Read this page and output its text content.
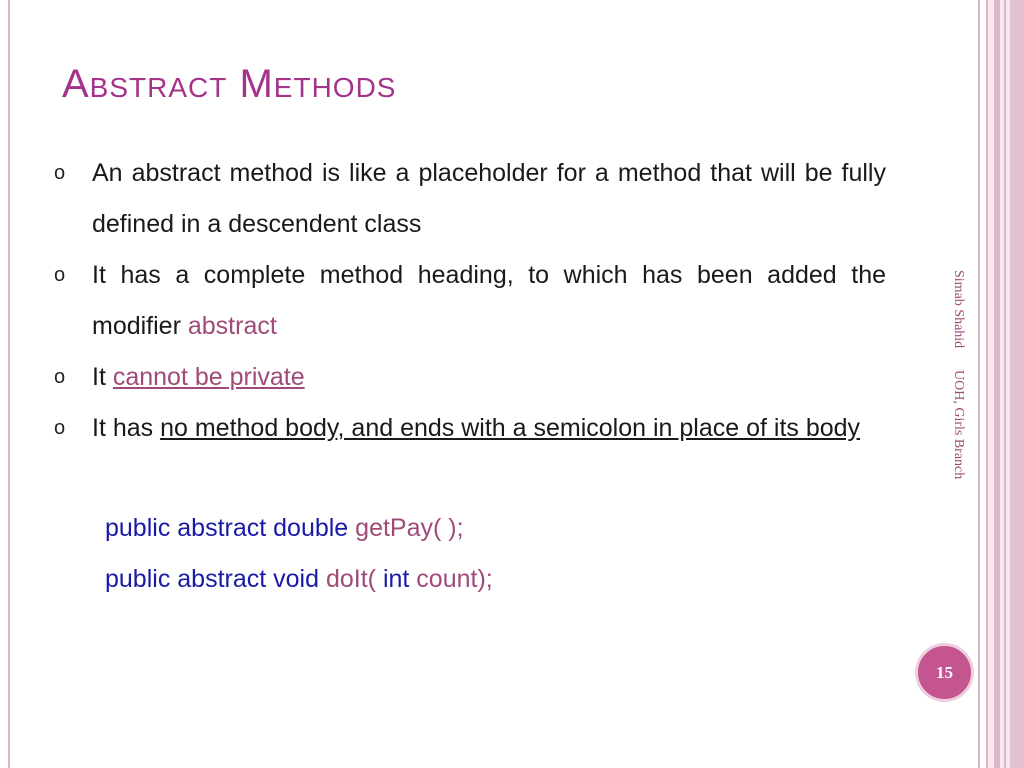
Abstract Methods
o An abstract method is like a placeholder for a method that will be fully defined in a descendent class
o It has a complete method heading, to which has been added the modifier abstract
o It cannot be private
o It has no method body, and ends with a semicolon in place of its body
public abstract double getPay( );
public abstract void doIt( int count);
Simab Shahid
UOH, Girls Branch
15
